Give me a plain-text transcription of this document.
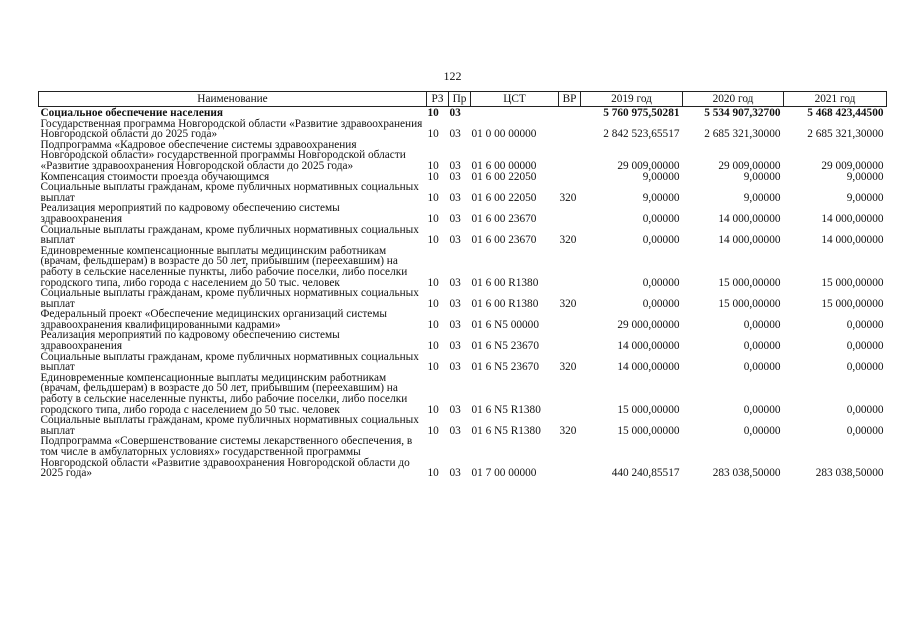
122
Наименование	РЗ	Пр	ЦСТ	ВР	2019 год	2020 год	2021 год
Социальное обеспечение населения	10	03			5 760 975,50281	5 534 907,32700	5 468 423,44500
Государственная программа Новгородской области «Развитие здравоохранения Новгородской области до 2025 года»	10	03	01 0 00 00000		2 842 523,65517	2 685 321,30000	2 685 321,30000
Подпрограмма «Кадровое обеспечение системы здравоохранения Новгородской области» государственной программы Новгородской области «Развитие здравоохранения Новгородской области до 2025 года»	10	03	01 6 00 00000		29 009,00000	29 009,00000	29 009,00000
Компенсация стоимости проезда обучающимся	10	03	01 6 00 22050		9,00000	9,00000	9,00000
Социальные выплаты гражданам, кроме публичных нормативных социальных выплат	10	03	01 6 00 22050	320	9,00000	9,00000	9,00000
Реализация мероприятий по кадровому обеспечению системы здравоохранения	10	03	01 6 00 23670		0,00000	14 000,00000	14 000,00000
Социальные выплаты гражданам, кроме публичных нормативных социальных выплат	10	03	01 6 00 23670	320	0,00000	14 000,00000	14 000,00000
Единовременные компенсационные выплаты медицинским работникам (врачам, фельдшерам) в возрасте до 50 лет, прибывшим (переехавшим) на работу в сельские населенные пункты, либо рабочие поселки, либо поселки городского типа, либо города с населением до 50 тыс. человек	10	03	01 6 00 R1380		0,00000	15 000,00000	15 000,00000
Социальные выплаты гражданам, кроме публичных нормативных социальных выплат	10	03	01 6 00 R1380	320	0,00000	15 000,00000	15 000,00000
Федеральный проект «Обеспечение медицинских организаций системы здравоохранения квалифицированными кадрами»	10	03	01 6 N5 00000		29 000,00000	0,00000	0,00000
Реализация мероприятий по кадровому обеспечению системы здравоохранения	10	03	01 6 N5 23670		14 000,00000	0,00000	0,00000
Социальные выплаты гражданам, кроме публичных нормативных социальных выплат	10	03	01 6 N5 23670	320	14 000,00000	0,00000	0,00000
Единовременные компенсационные выплаты медицинским работникам (врачам, фельдшерам) в возрасте до 50 лет, прибывшим (переехавшим) на работу в сельские населенные пункты, либо рабочие поселки, либо поселки городского типа, либо города с населением до 50 тыс. человек	10	03	01 6 N5 R1380		15 000,00000	0,00000	0,00000
Социальные выплаты гражданам, кроме публичных нормативных социальных выплат	10	03	01 6 N5 R1380	320	15 000,00000	0,00000	0,00000
Подпрограмма «Совершенствование системы лекарственного обеспечения, в том числе в амбулаторных условиях» государственной программы Новгородской области «Развитие здравоохранения Новгородской области до 2025 года»	10	03	01 7 00 00000		440 240,85517	283 038,50000	283 038,50000
